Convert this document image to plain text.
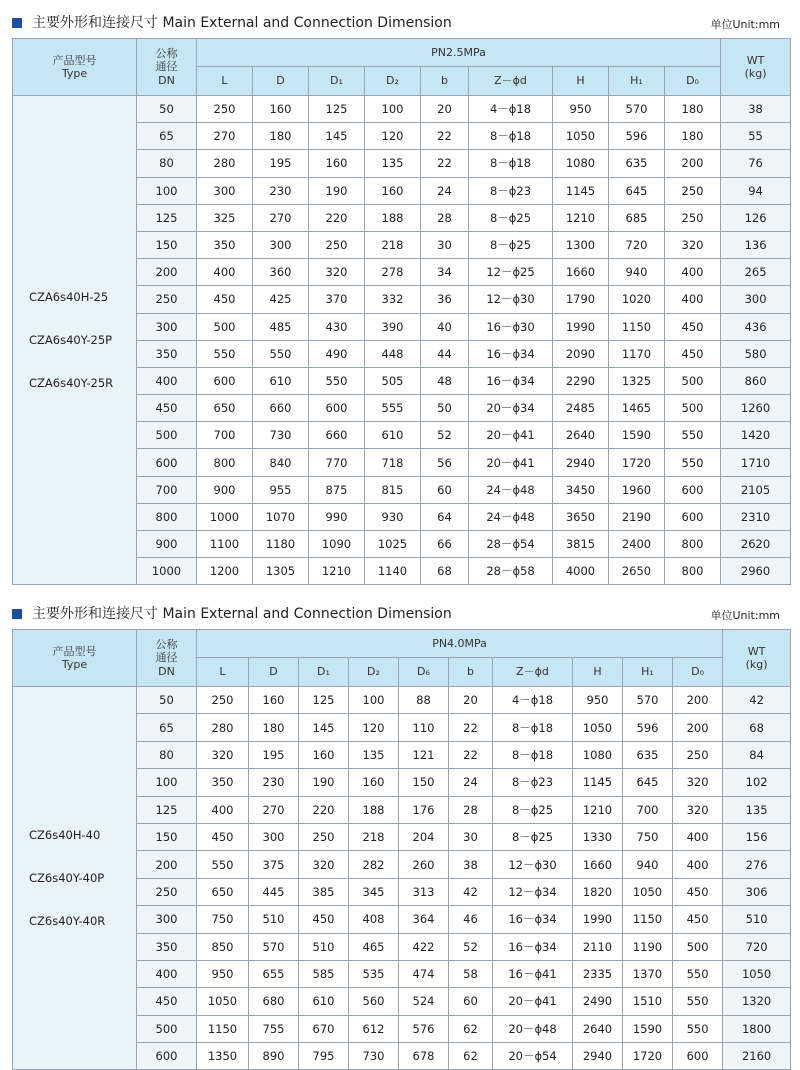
主要外形和连接尺寸 Main External and Connection Dimension	单位Unit:mm
产品型号
Type	公称
通径
DN	PN2.5MPa									WT
(kg)
		L	D	D₁	D₂	b	Z－ϕd	H	H₁	D₀	

CZA6s40H-25
CZA6s40Y-25P
CZA6s40Y-25R	50	250	160	125	100	20	4－ϕ18	950	570	180	38
	65	270	180	145	120	22	8－ϕ18	1050	596	180	55
	80	280	195	160	135	22	8－ϕ18	1080	635	200	76
	100	300	230	190	160	24	8－ϕ23	1145	645	250	94
	125	325	270	220	188	28	8－ϕ25	1210	685	250	126
	150	350	300	250	218	30	8－ϕ25	1300	720	320	136
	200	400	360	320	278	34	12－ϕ25	1660	940	400	265
	250	450	425	370	332	36	12－ϕ30	1790	1020	400	300
	300	500	485	430	390	40	16－ϕ30	1990	1150	450	436
	350	550	550	490	448	44	16－ϕ34	2090	1170	450	580
	400	600	610	550	505	48	16－ϕ34	2290	1325	500	860
	450	650	660	600	555	50	20－ϕ34	2485	1465	500	1260
	500	700	730	660	610	52	20－ϕ41	2640	1590	550	1420
	600	800	840	770	718	56	20－ϕ41	2940	1720	550	1710
	700	900	955	875	815	60	24－ϕ48	3450	1960	600	2105
	800	1000	1070	990	930	64	24－ϕ48	3650	2190	600	2310
	900	1100	1180	1090	1025	66	28－ϕ54	3815	2400	800	2620
	1000	1200	1305	1210	1140	68	28－ϕ58	4000	2650	800	2960
主要外形和连接尺寸 Main External and Connection Dimension	单位Unit:mm
产品型号
Type	公称
通径
DN	PN4.0MPa										WT
(kg)
		L	D	D₁	D₂	D₆	b	Z－ϕd	H	H₁	D₀	

CZ6s40H-40
CZ6s40Y-40P
CZ6s40Y-40R	50	250	160	125	100	88	20	4－ϕ18	950	570	200	42
	65	280	180	145	120	110	22	8－ϕ18	1050	596	200	68
	80	320	195	160	135	121	22	8－ϕ18	1080	635	250	84
	100	350	230	190	160	150	24	8－ϕ23	1145	645	320	102
	125	400	270	220	188	176	28	8－ϕ25	1210	700	320	135
	150	450	300	250	218	204	30	8－ϕ25	1330	750	400	156
	200	550	375	320	282	260	38	12－ϕ30	1660	940	400	276
	250	650	445	385	345	313	42	12－ϕ34	1820	1050	450	306
	300	750	510	450	408	364	46	16－ϕ34	1990	1150	450	510
	350	850	570	510	465	422	52	16－ϕ34	2110	1190	500	720
	400	950	655	585	535	474	58	16－ϕ41	2335	1370	550	1050
	450	1050	680	610	560	524	60	20－ϕ41	2490	1510	550	1320
	500	1150	755	670	612	576	62	20－ϕ48	2640	1590	550	1800
	600	1350	890	795	730	678	62	20－ϕ54	2940	1720	600	2160
